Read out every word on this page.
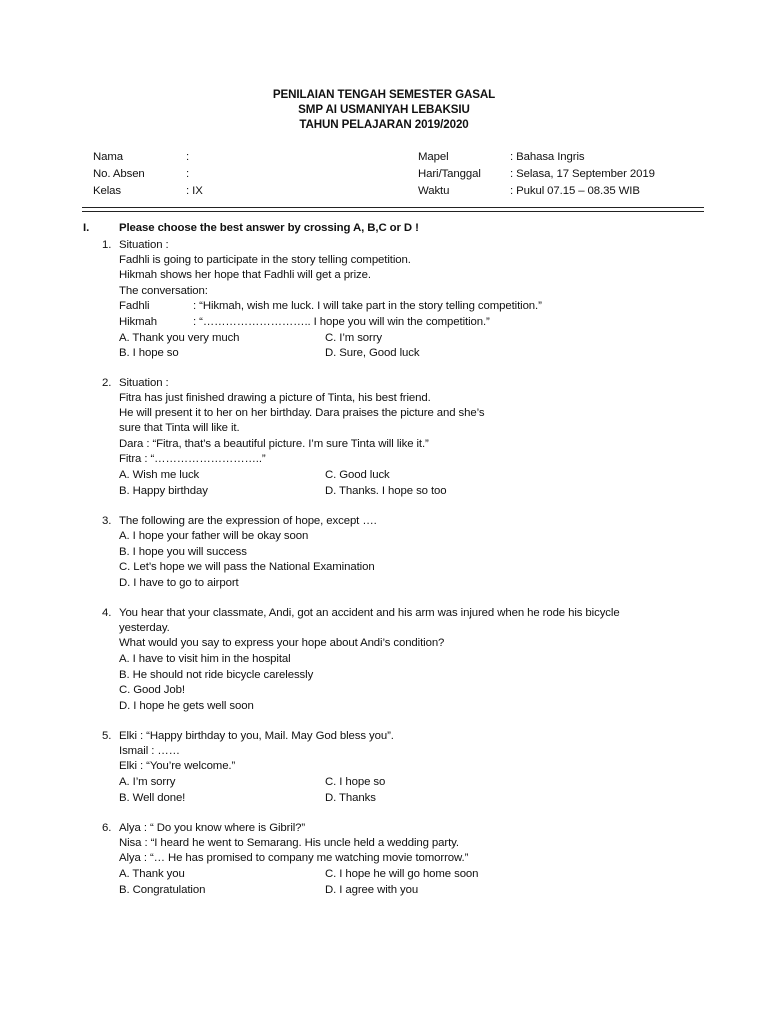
PENILAIAN TENGAH SEMESTER GASAL
SMP AI USMANIYAH LEBAKSIU
TAHUN PELAJARAN 2019/2020
Nama	:
No. Absen	:
Kelas	: IX
Mapel	: Bahasa Ingris
Hari/Tanggal	: Selasa, 17 September 2019
Waktu	: Pukul 07.15 – 08.35 WIB
I.	Please choose the best answer by crossing A, B,C or D !
1. Situation :
Fadhli is going to participate in the story telling competition.
Hikmah shows her hope that Fadhli will get a prize.
The conversation:
Fadhli	: “Hikmah, wish me luck. I will take part in the story telling competition.”
Hikmah	: “……………………….. I hope you will win the competition.”
A. Thank you very much	C. I’m sorry
B. I hope so	D. Sure, Good luck
2. Situation :
Fitra has just finished drawing a picture of Tinta, his best friend.
He will present it to her on her birthday. Dara praises the picture and she’s
sure that Tinta will like it.
Dara : “Fitra, that’s a beautiful picture. I’m sure Tinta will like it.”
Fitra : “………………………..”
A. Wish me luck	C. Good luck
B. Happy birthday	D. Thanks. I hope so too
3. The following are the expression of hope, except ….
A. I hope your father will be okay soon
B. I hope you will success
C. Let’s hope we will pass the National Examination
D. I have to go to airport
4. You hear that your classmate, Andi, got an accident and his arm was injured when he rode his bicycle
yesterday.
What would you say to express your hope about Andi’s condition?
A. I have to visit him in the hospital
B. He should not ride bicycle carelessly
C. Good Job!
D. I hope he gets well soon
5. Elki : “Happy birthday to you, Mail. May God bless you”.
Ismail : ……
Elki : “You’re welcome.”
A. I’m sorry	C. I hope so
B. Well done!	D. Thanks
6. Alya : “ Do you know where is Gibril?”
Nisa : “I heard he went to Semarang. His uncle held a wedding party.
Alya : “… He has promised to company me watching movie tomorrow.”
A. Thank you	C. I hope he will go home soon
B. Congratulation	D. I agree with you
